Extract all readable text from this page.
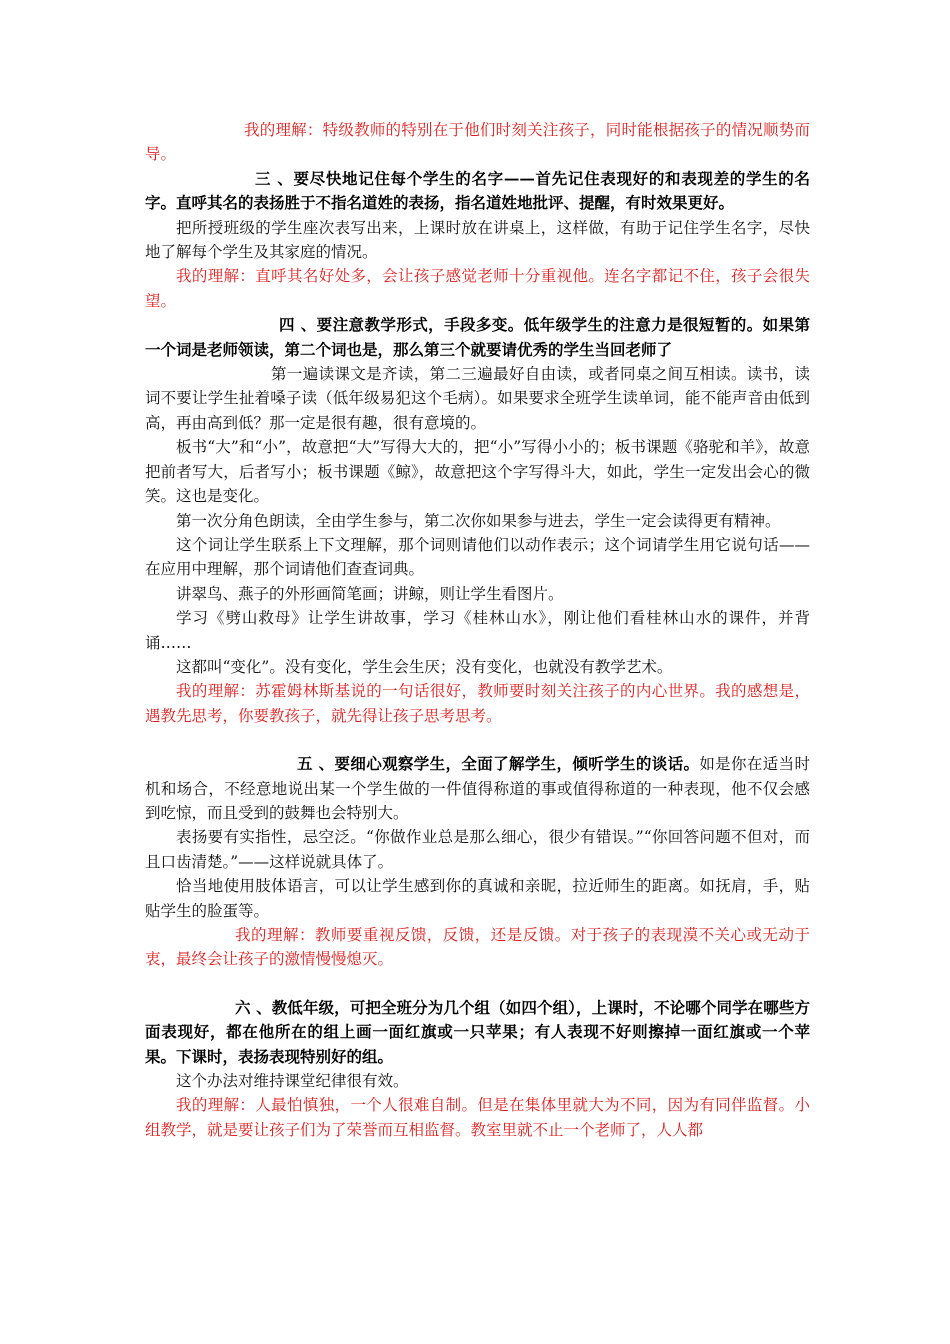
我的理解：特级教师的特别在于他们时刻关注孩子，同时能根据孩子的情况顺势而导。

三 、要尽快地记住每个学生的名字——首先记住表现好的和表现差的学生的名字。直呼其名的表扬胜于不指名道姓的表扬，指名道姓地批评、提醒，有时效果更好。

把所授班级的学生座次表写出来，上课时放在讲桌上，这样做，有助于记住学生名字，尽快地了解每个学生及其家庭的情况。

我的理解：直呼其名好处多，会让孩子感觉老师十分重视他。连名字都记不住，孩子会很失望。

四 、要注意教学形式，手段多变。低年级学生的注意力是很短暂的。如果第一个词是老师领读，第二个词也是，那么第三个就要请优秀的学生当回老师了

第一遍读课文是齐读，第二三遍最好自由读，或者同桌之间互相读。读书，读词不要让学生扯着嗓子读（低年级易犯这个毛病）。如果要求全班学生读单词，能不能声音由低到高，再由高到低？那一定是很有趣，很有意境的。

板书“大”和“小”，故意把“大”写得大大的，把“小”写得小小的；板书课题《骆驼和羊》，故意把前者写大，后者写小；板书课题《鲸》，故意把这个字写得斗大，如此，学生一定发出会心的微笑。这也是变化。

第一次分角色朗读，全由学生参与，第二次你如果参与进去，学生一定会读得更有精神。

这个词让学生联系上下文理解，那个词则请他们以动作表示；这个词请学生用它说句话——在应用中理解，那个词请他们查查词典。

讲翠鸟、燕子的外形画简笔画；讲鲸，则让学生看图片。

学习《劈山救母》让学生讲故事，学习《桂林山水》，刚让他们看桂林山水的课件，并背诵……

这都叫“变化”。没有变化，学生会生厌；没有变化，也就没有教学艺术。

我的理解：苏霍姆林斯基说的一句话很好，教师要时刻关注孩子的内心世界。我的感想是，遇教先思考，你要教孩子，就先得让孩子思考思考。

五 、要细心观察学生，全面了解学生，倾听学生的谈话。如是你在适当时机和场合，不经意地说出某一个学生做的一件值得称道的事或值得称道的一种表现，他不仅会感到吃惊，而且受到的鼓舞也会特别大。

表扬要有实指性，忌空泛。“你做作业总是那么细心，很少有错误。”“你回答问题不但对，而且口齿清楚。”——这样说就具体了。

恰当地使用肢体语言，可以让学生感到你的真诚和亲昵，拉近师生的距离。如抚肩，手，贴贴学生的脸蛋等。

我的理解：教师要重视反馈，反馈，还是反馈。对于孩子的表现漠不关心或无动于衷，最终会让孩子的激情慢慢熄灭。

六 、教低年级，可把全班分为几个组（如四个组），上课时，不论哪个同学在哪些方面表现好，都在他所在的组上画一面红旗或一只苹果；有人表现不好则擦掉一面红旗或一个苹果。下课时，表扬表现特别好的组。

这个办法对维持课堂纪律很有效。

我的理解：人最怕慎独，一个人很难自制。但是在集体里就大为不同，因为有同伴监督。小组教学，就是要让孩子们为了荣誉而互相监督。教室里就不止一个老师了，人人都
